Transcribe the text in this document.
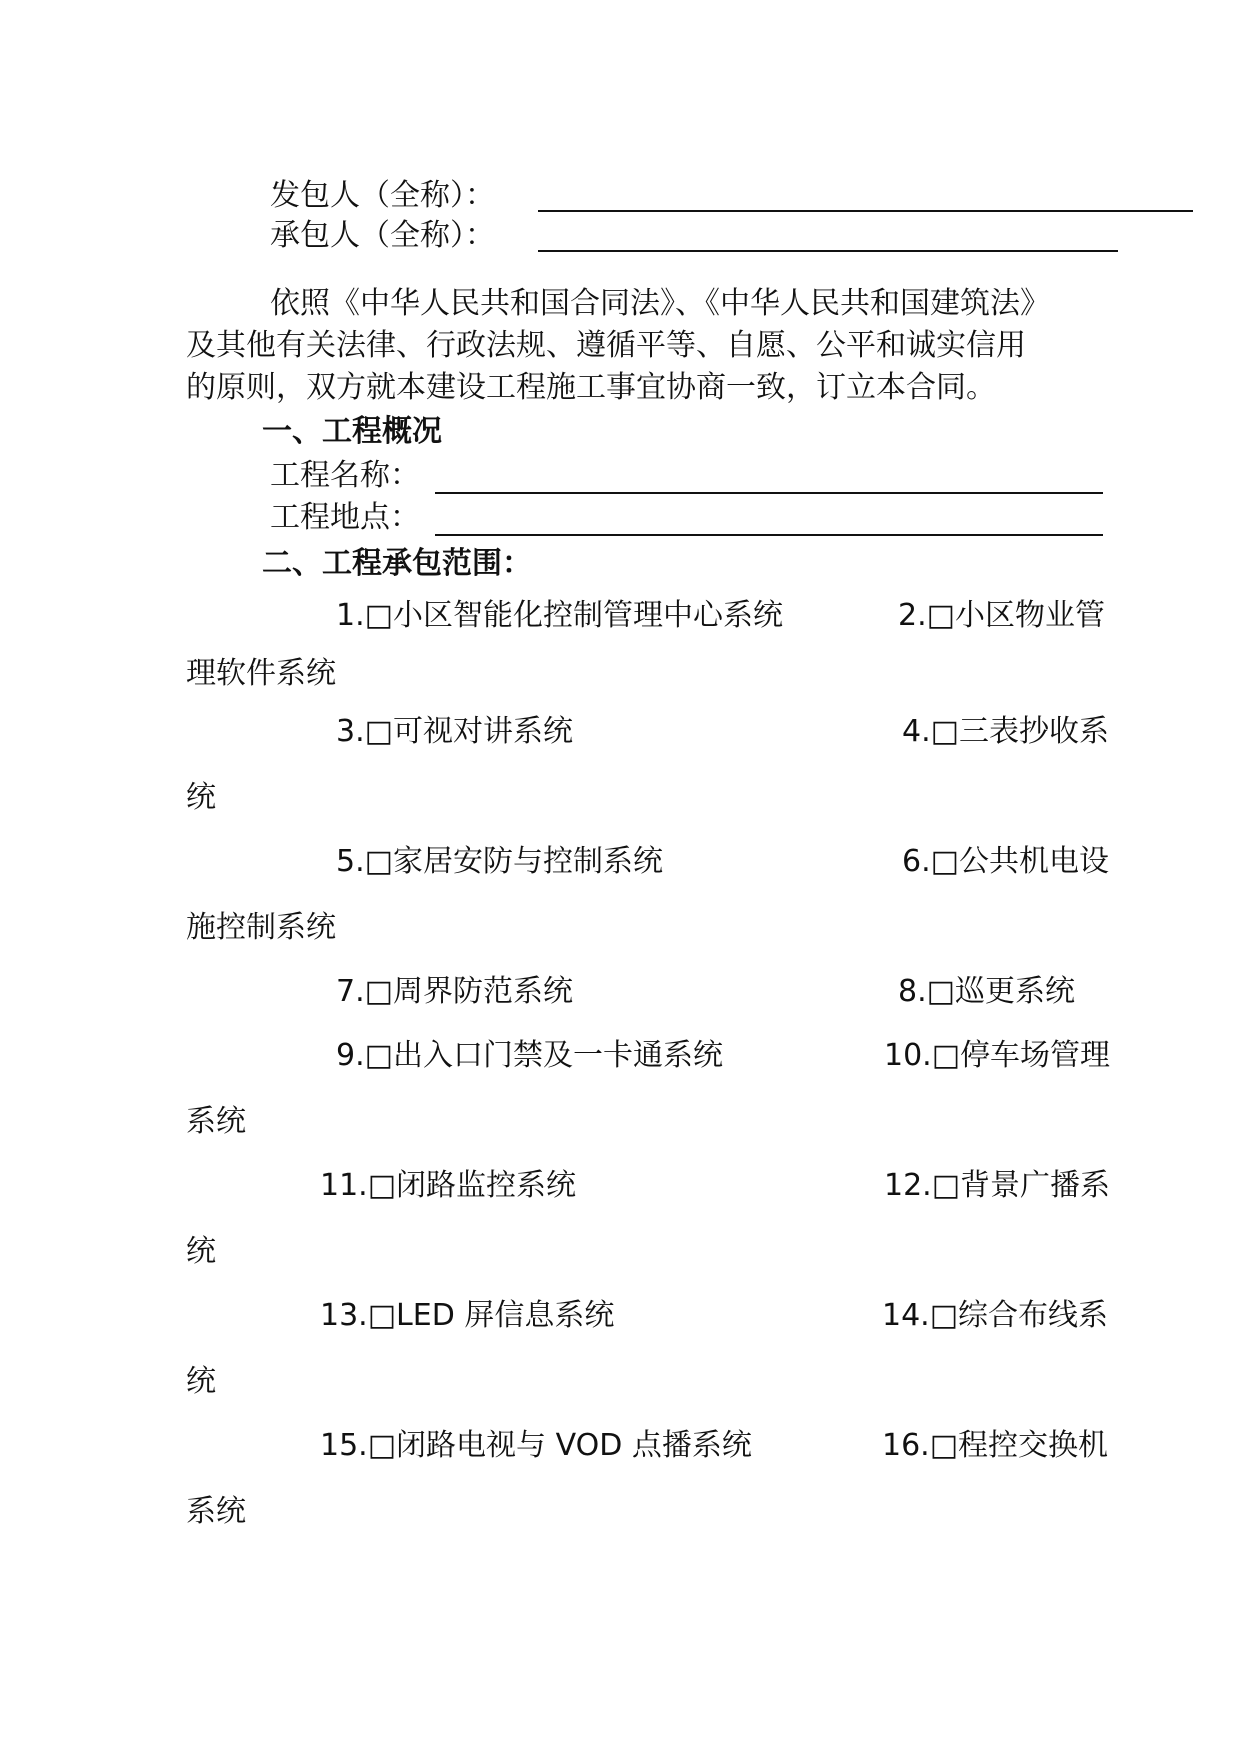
发包人（全称）：
承包人（全称）：
依照《中华人民共和国合同法》、《中华人民共和国建筑法》
及其他有关法律、行政法规、遵循平等、自愿、公平和诚实信用
的原则，双方就本建设工程施工事宜协商一致，订立本合同。
一、工程概况
工程名称：
工程地点：
二、工程承包范围：
1.□小区智能化控制管理中心系统	2.□小区物业管
理软件系统
3.□可视对讲系统	4.□三表抄收系
统
5.□家居安防与控制系统	6.□公共机电设
施控制系统
7.□周界防范系统	8.□巡更系统
9.□出入口门禁及一卡通系统	10.□停车场管理
系统
11.□闭路监控系统	12.□背景广播系
统
13.□LED 屏信息系统	14.□综合布线系
统
15.□闭路电视与 VOD 点播系统	16.□程控交换机
系统
